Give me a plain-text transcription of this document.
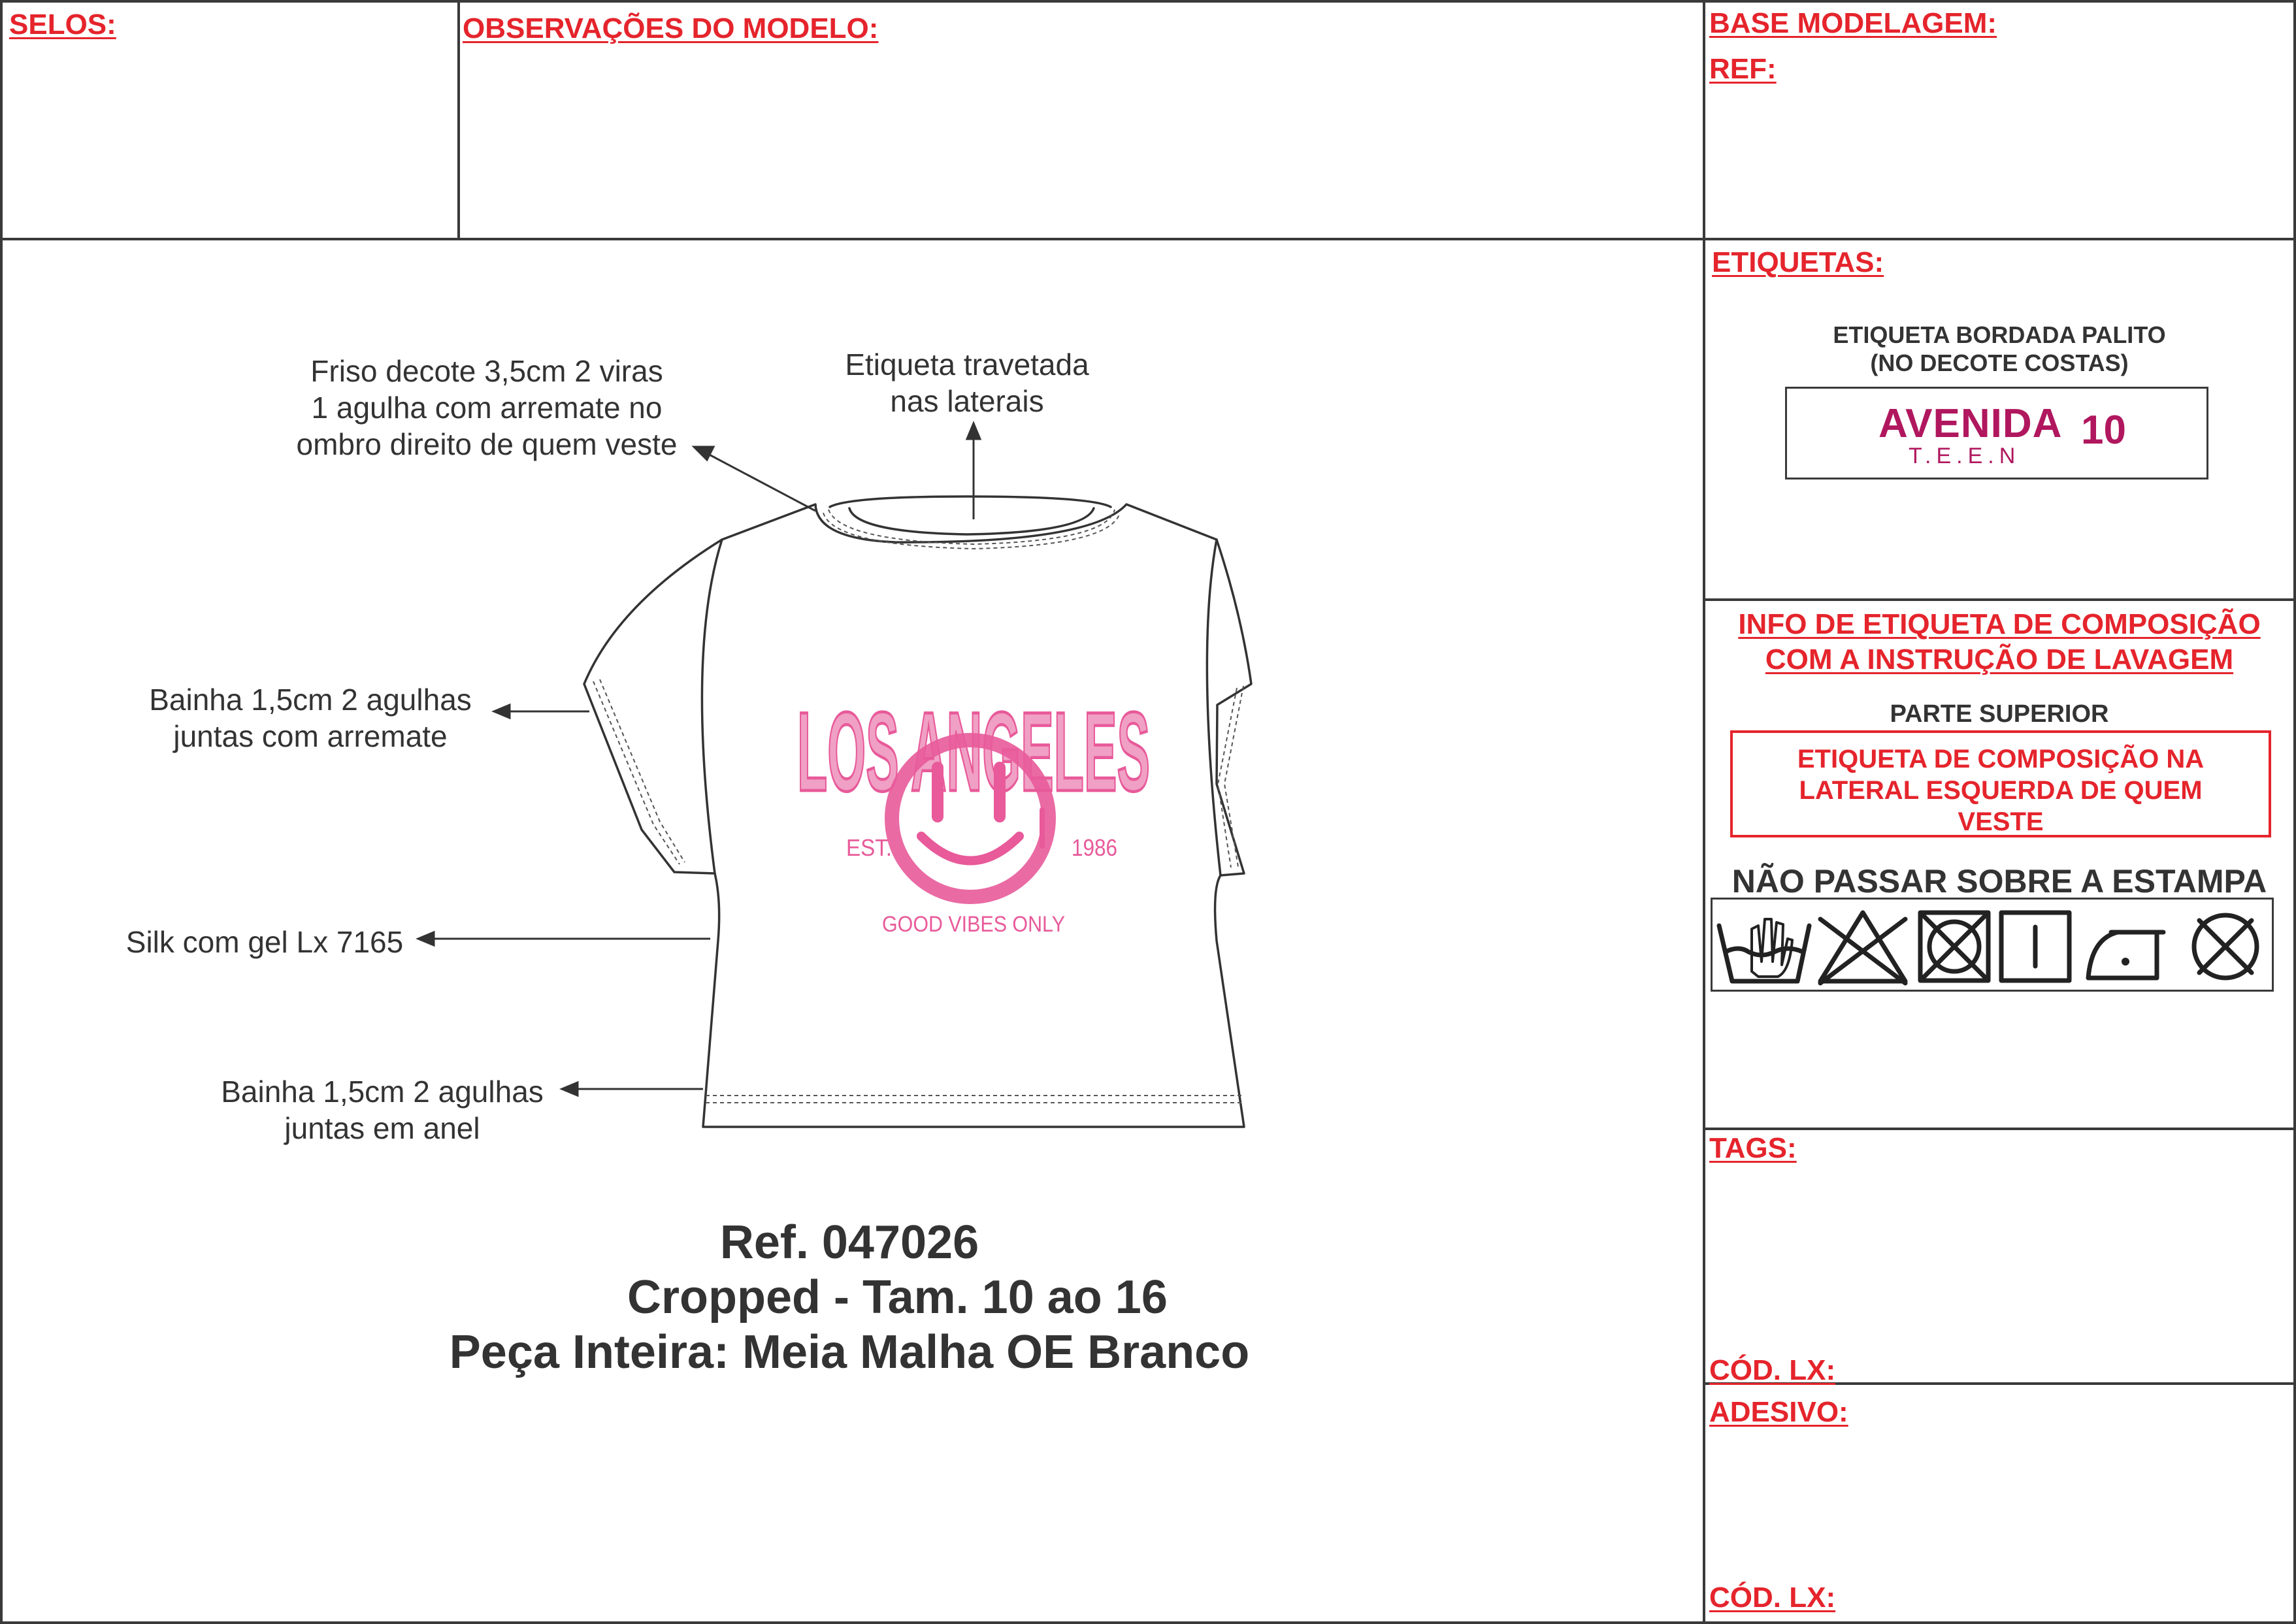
SELOS:	OBSERVAÇÕES DO MODELO:	BASE MODELAGEM:
REF:
LOS ANGELES
EST.	1986
GOOD VIBES ONLY
Friso decote 3,5cm 2 viras
1 agulha com arremate no
ombro direito de quem veste
Etiqueta travetada
nas laterais
Bainha 1,5cm 2 agulhas
juntas com arremate
Silk com gel Lx 7165
Bainha 1,5cm 2 agulhas
juntas em anel
Ref. 047026
Cropped - Tam. 10 ao 16
Peça Inteira: Meia Malha OE Branco
ETIQUETAS:
ETIQUETA BORDADA PALITO
(NO DECOTE COSTAS)
AVENIDA
T.E.E.N
10
INFO DE ETIQUETA DE COMPOSIÇÃO
COM A INSTRUÇÃO DE LAVAGEM
PARTE SUPERIOR
ETIQUETA DE COMPOSIÇÃO NA
LATERAL ESQUERDA DE QUEM
VESTE
NÃO PASSAR SOBRE A ESTAMPA
TAGS:
CÓD. LX:
ADESIVO:
CÓD. LX:
